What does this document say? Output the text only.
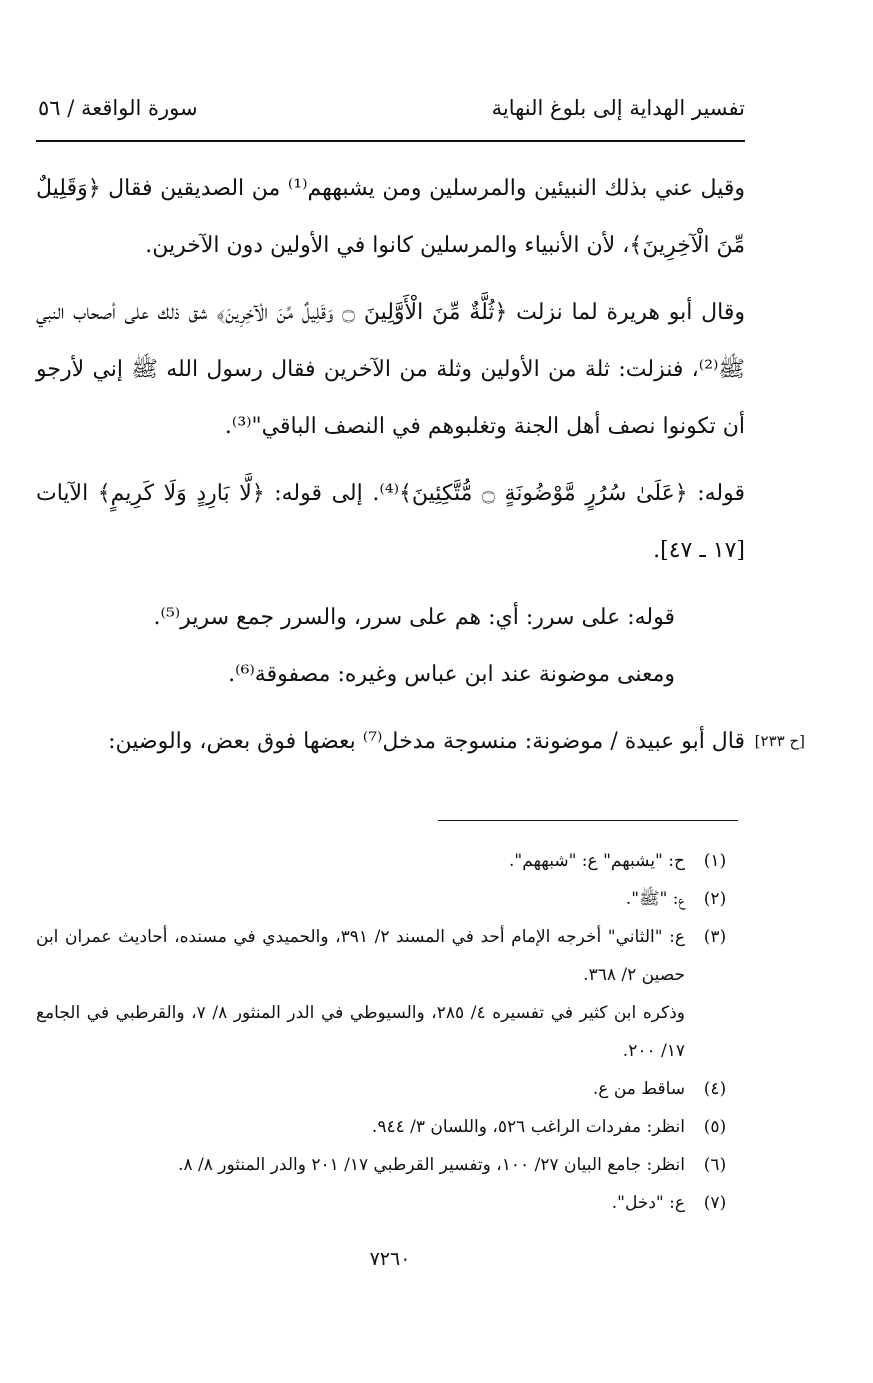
تفسير الهداية إلى بلوغ النهاية
سورة الواقعة / ٥٦

وقيل عني بذلك النبيئين والمرسلين ومن يشبههم⁽¹⁾ من الصديقين فقال ﴿وَقَلِيلٌ مِّنَ الْآخِرِينَ﴾، لأن الأنبياء والمرسلين كانوا في الأولين دون الآخرين.

وقال أبو هريرة لما نزلت ﴿ثُلَّةٌ مِّنَ الْأَوَّلِينَ ۝ وَقَلِيلٌ مِّنَ الْآخِرِينَ﴾ شق ذلك على أصحاب النبي ﷺ⁽²⁾، فنزلت: ثلة من الأولين وثلة من الآخرين فقال رسول الله ﷺ إني لأرجو أن تكونوا نصف أهل الجنة وتغلبوهم في النصف الباقي"⁽³⁾.

قوله: ﴿عَلَىٰ سُرُرٍ مَّوْضُونَةٍ ۝ مُّتَّكِئِينَ﴾⁽⁴⁾. إلى قوله: ﴿لَّا بَارِدٍ وَلَا كَرِيمٍ﴾ الآيات [١٧ ـ ٤٧].

قوله: على سرر: أي: هم على سرر، والسرر جمع سرير⁽⁵⁾.

ومعنى موضونة عند ابن عباس وغيره: مصفوقة⁽⁶⁾.

قال أبو عبيدة / موضونة: منسوجة مدخل⁽⁷⁾ بعضها فوق بعض، والوضين: [ح ٢٣٣]

(١)
ح: "يشبهم" ع: "شبههم".
(٢)
ع: "ﷺ".
(٣)
ع: "الثاني" أخرجه الإمام أحد في المسند ٢/ ٣٩١، والحميدي في مسنده، أحاديث عمران ابن حصين ٢/ ٣٦٨.
وذكره ابن كثير في تفسيره ٤/ ٢٨٥، والسيوطي في الدر المنثور ٨/ ٧، والقرطبي في الجامع ١٧/ ٢٠٠.
(٤)
ساقط من ع.
(٥)
انظر: مفردات الراغب ٥٢٦، واللسان ٣/ ٩٤٤.
(٦)
انظر: جامع البيان ٢٧/ ١٠٠، وتفسير القرطبي ١٧/ ٢٠١ والدر المنثور ٨/ ٨.
(٧)
ع: "دخل".
٧٢٦٠
